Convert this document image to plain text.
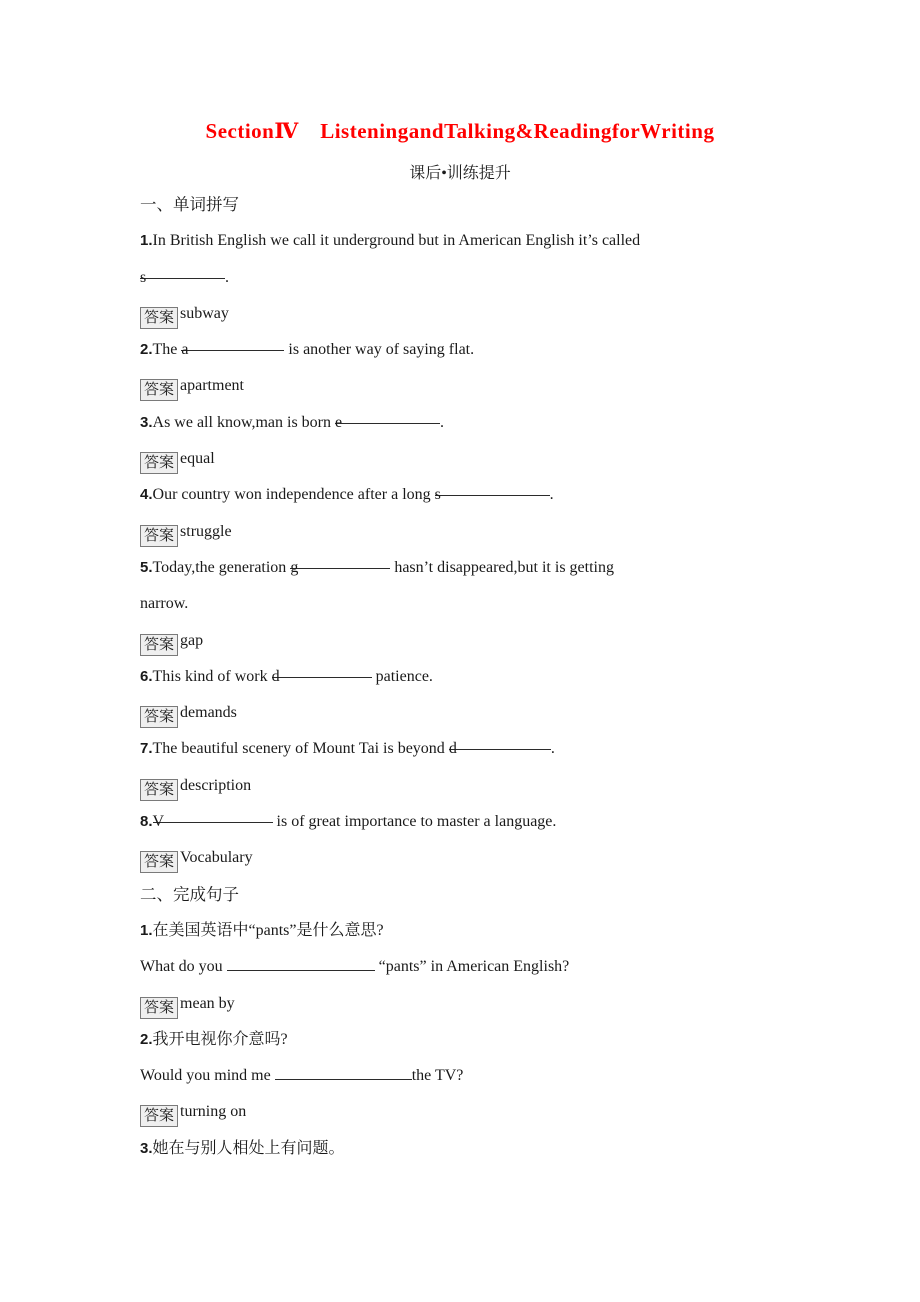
SectionⅣ　ListeningandTalking&ReadingforWriting
课后•训练提升
一、单词拼写
1.In British English we call it underground but in American English it’s called
s	.
答案 subway
2.The a	is another way of saying flat.
答案 apartment
3.As we all know,man is born e	.
答案 equal
4.Our country won independence after a long s	.
答案 struggle
5.Today,the generation g	hasn’t disappeared,but it is getting
narrow.
答案 gap
6.This kind of work d	patience.
答案 demands
7.The beautiful scenery of Mount Tai is beyond d	.
答案 description
8.V	is of great importance to master a language.
答案 Vocabulary
二、完成句子
1.在美国英语中“pants”是什么意思?
What do you	“pants” in American English?
答案 mean by
2.我开电视你介意吗?
Would you mind me	the TV?
答案 turning on
3.她在与别人相处上有问题。
